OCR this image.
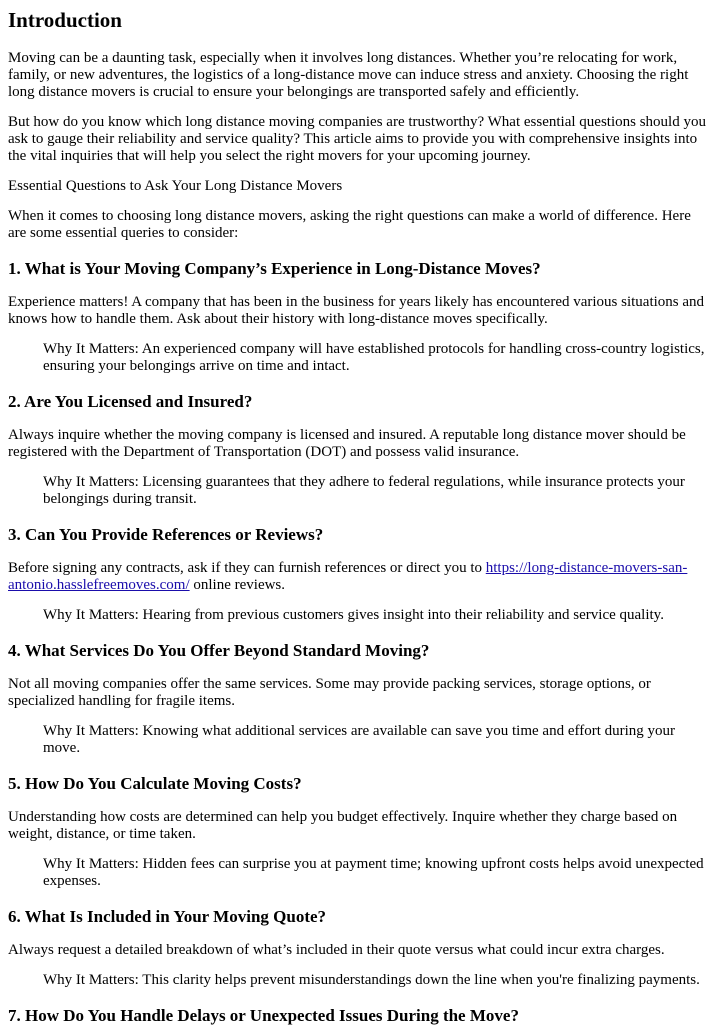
Introduction

Moving can be a daunting task, especially when it involves long distances. Whether you’re relocating for work, family, or new adventures, the logistics of a long-distance move can induce stress and anxiety. Choosing the right long distance movers is crucial to ensure your belongings are transported safely and efficiently.

But how do you know which long distance moving companies are trustworthy? What essential questions should you ask to gauge their reliability and service quality? This article aims to provide you with comprehensive insights into the vital inquiries that will help you select the right movers for your upcoming journey.

Essential Questions to Ask Your Long Distance Movers

When it comes to choosing long distance movers, asking the right questions can make a world of difference. Here are some essential queries to consider:

1. What is Your Moving Company’s Experience in Long-Distance Moves?

Experience matters! A company that has been in the business for years likely has encountered various situations and knows how to handle them. Ask about their history with long-distance moves specifically.

Why It Matters: An experienced company will have established protocols for handling cross-country logistics, ensuring your belongings arrive on time and intact.
2. Are You Licensed and Insured?

Always inquire whether the moving company is licensed and insured. A reputable long distance mover should be registered with the Department of Transportation (DOT) and possess valid insurance.

Why It Matters: Licensing guarantees that they adhere to federal regulations, while insurance protects your belongings during transit.
3. Can You Provide References or Reviews?

Before signing any contracts, ask if they can furnish references or direct you to https://long-distance-movers-san-antonio.hasslefreemoves.com/ online reviews.

Why It Matters: Hearing from previous customers gives insight into their reliability and service quality.
4. What Services Do You Offer Beyond Standard Moving?

Not all moving companies offer the same services. Some may provide packing services, storage options, or specialized handling for fragile items.

Why It Matters: Knowing what additional services are available can save you time and effort during your move.
5. How Do You Calculate Moving Costs?

Understanding how costs are determined can help you budget effectively. Inquire whether they charge based on weight, distance, or time taken.

Why It Matters: Hidden fees can surprise you at payment time; knowing upfront costs helps avoid unexpected expenses.
6. What Is Included in Your Moving Quote?

Always request a detailed breakdown of what’s included in their quote versus what could incur extra charges.

Why It Matters: This clarity helps prevent misunderstandings down the line when you're finalizing payments.
7. How Do You Handle Delays or Unexpected Issues During the Move?
